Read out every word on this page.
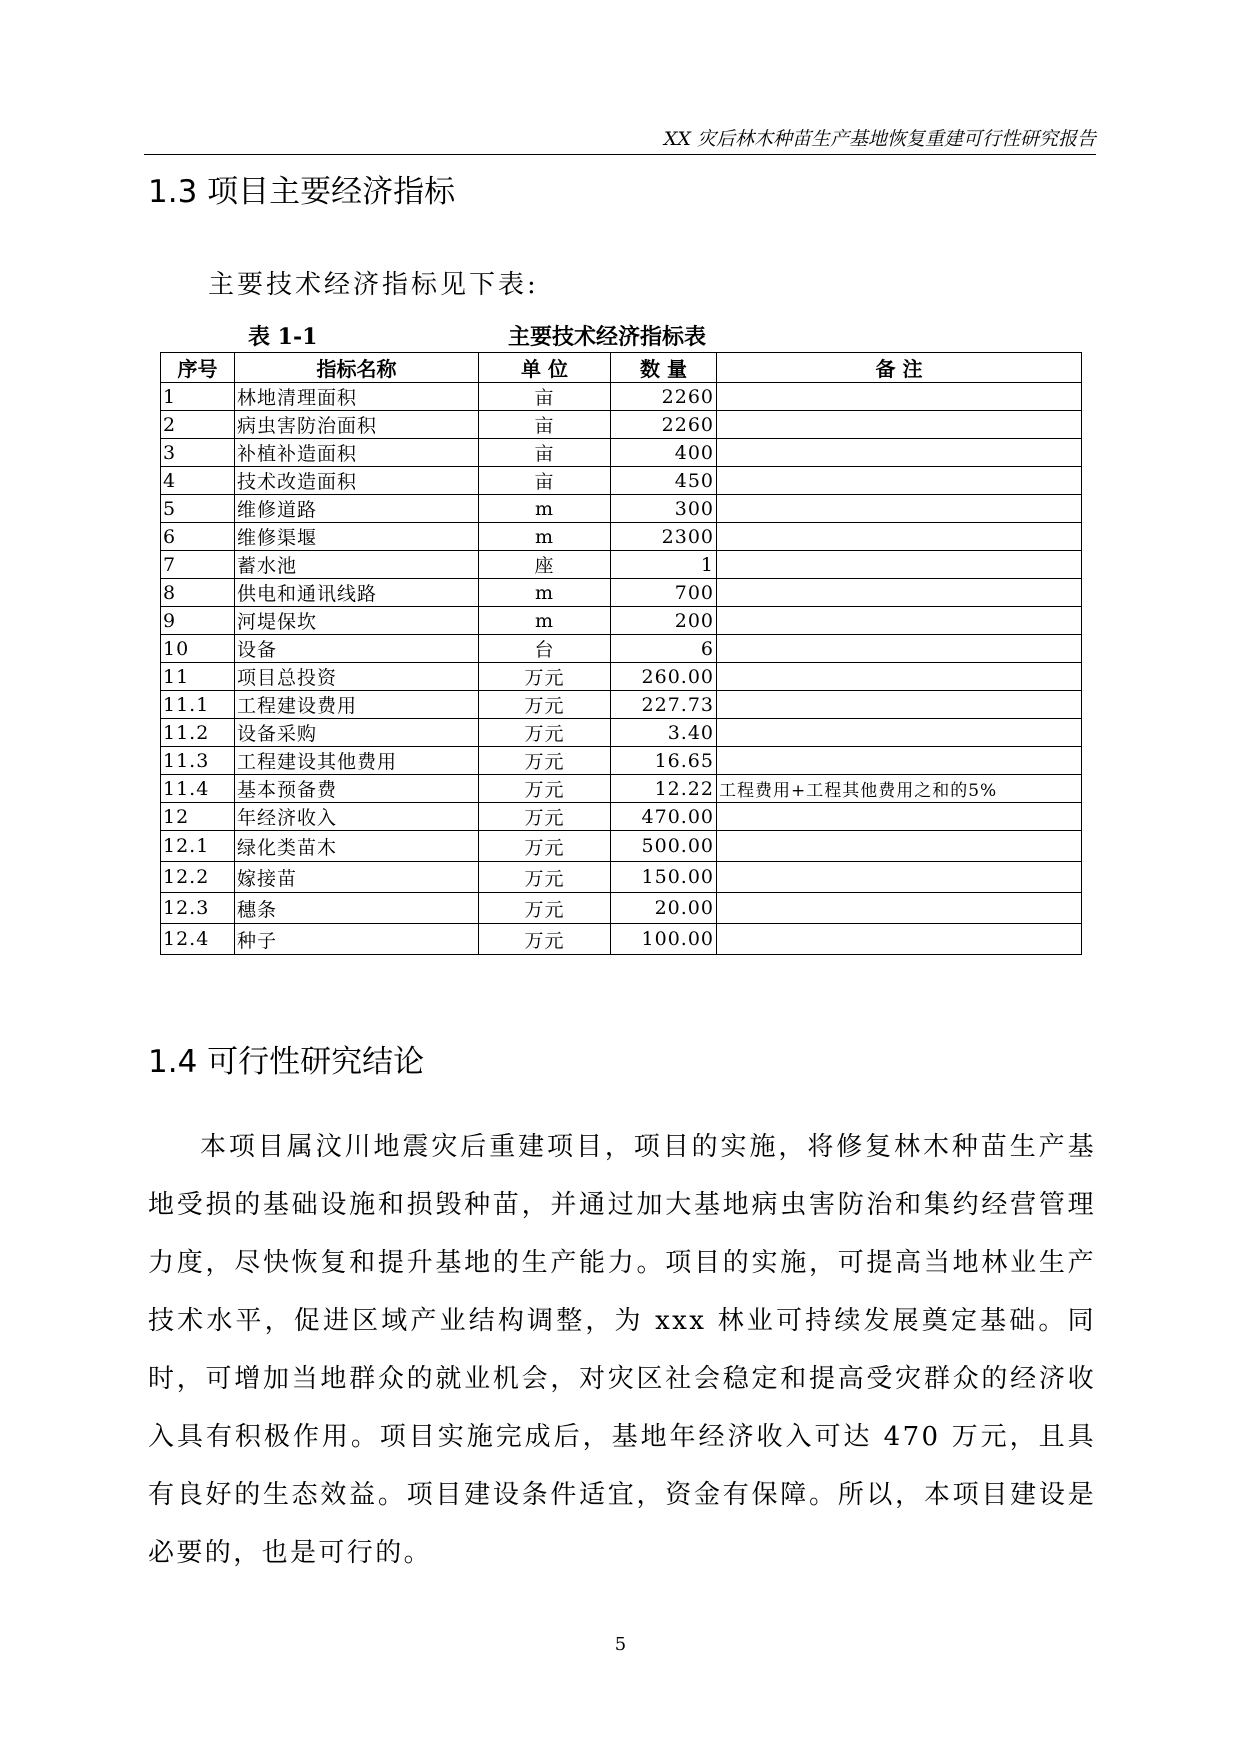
XX 灾后林木种苗生产基地恢复重建可行性研究报告
1.3 项目主要经济指标
主要技术经济指标见下表:
表 1-1	主要技术经济指标表
序号	指标名称	单 位	数 量	备 注
1	林地清理面积	亩	2260	
2	病虫害防治面积	亩	2260	
3	补植补造面积	亩	400	
4	技术改造面积	亩	450	
5	维修道路	m	300	
6	维修渠堰	m	2300	
7	蓄水池	座	1	
8	供电和通讯线路	m	700	
9	河堤保坎	m	200	
10	设备	台	6	
11	项目总投资	万元	260.00	
11.1	工程建设费用	万元	227.73	
11.2	设备采购	万元	3.40	
11.3	工程建设其他费用	万元	16.65	
11.4	基本预备费	万元	12.22	工程费用+工程其他费用之和的5%
12	年经济收入	万元	470.00	
12.1	绿化类苗木	万元	500.00	
12.2	嫁接苗	万元	150.00	
12.3	穗条	万元	20.00	
12.4	种子	万元	100.00	
1.4 可行性研究结论
本项目属汶川地震灾后重建项目，项目的实施，将修复林木种苗生产基地受损的基础设施和损毁种苗，并通过加大基地病虫害防治和集约经营管理力度，尽快恢复和提升基地的生产能力。项目的实施，可提高当地林业生产技术水平，促进区域产业结构调整，为 xxx 林业可持续发展奠定基础。同时，可增加当地群众的就业机会，对灾区社会稳定和提高受灾群众的经济收入具有积极作用。项目实施完成后，基地年经济收入可达 470 万元，且具有良好的生态效益。项目建设条件适宜，资金有保障。所以，本项目建设是必要的，也是可行的。
5
